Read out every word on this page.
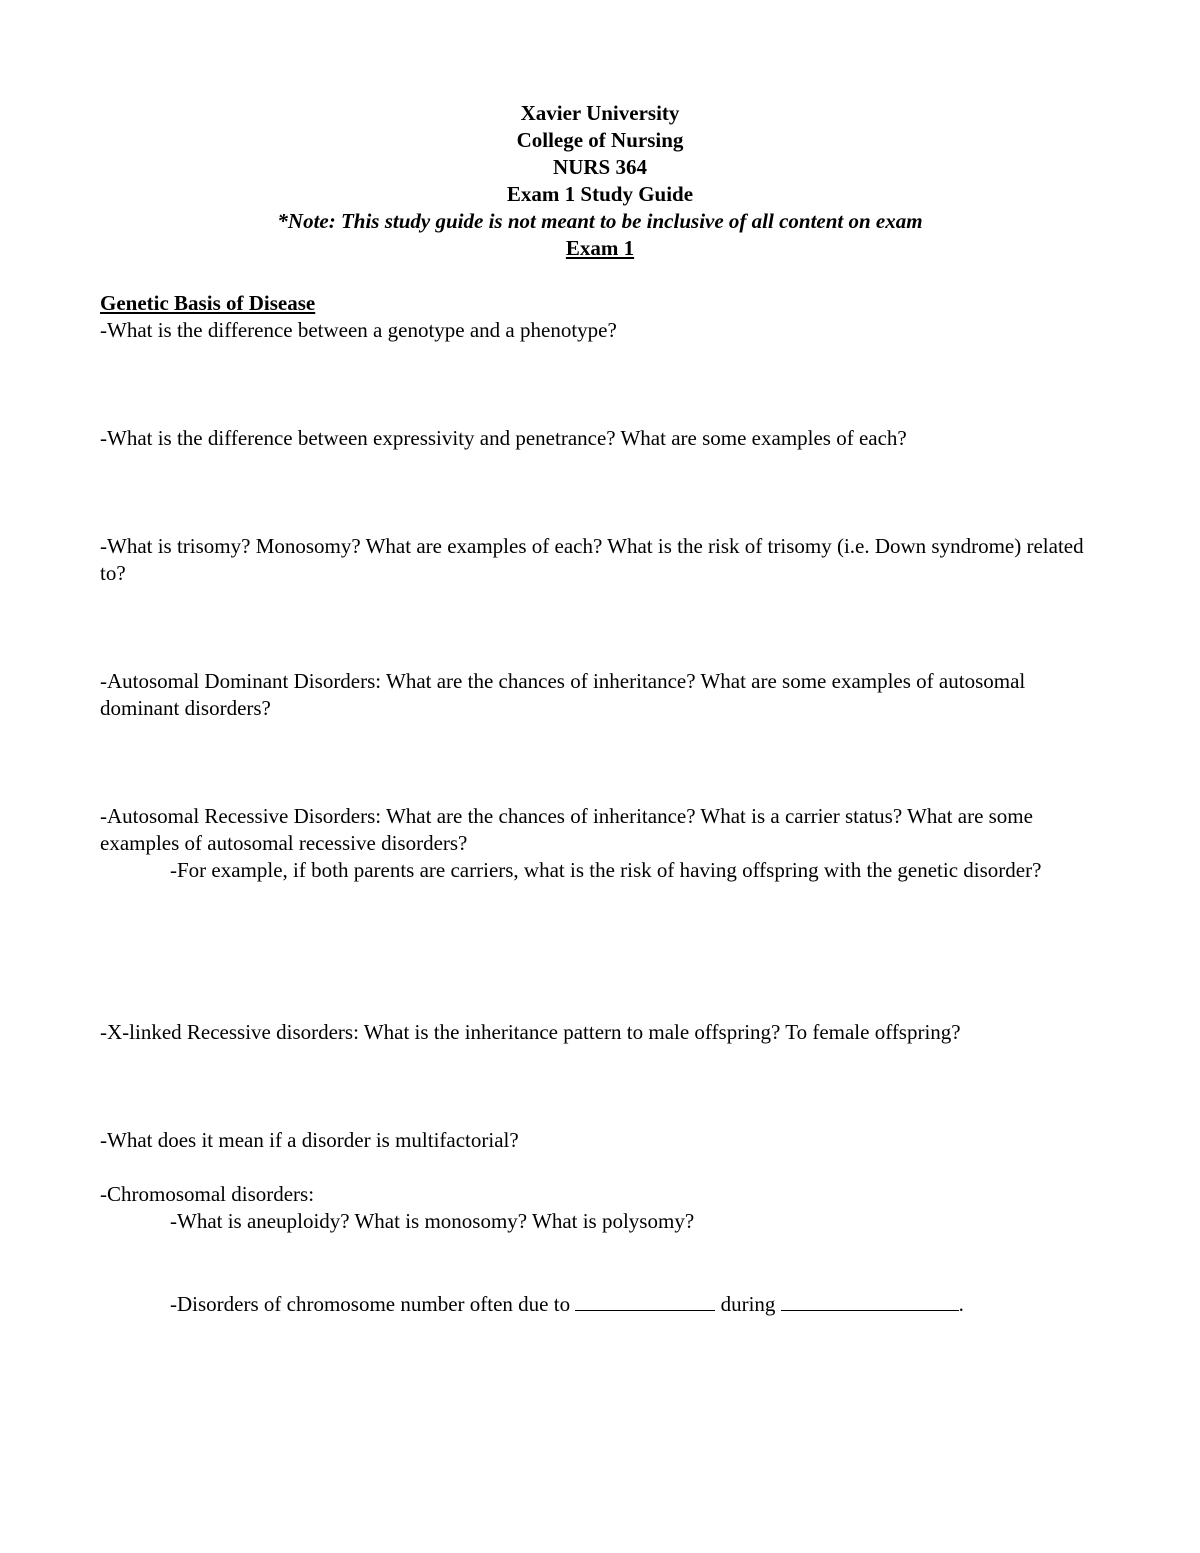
Xavier University
College of Nursing
NURS 364
Exam 1 Study Guide
*Note: This study guide is not meant to be inclusive of all content on exam
Exam 1
Genetic Basis of Disease

-What is the difference between a genotype and a phenotype?

-What is the difference between expressivity and penetrance? What are some examples of each?

-What is trisomy? Monosomy? What are examples of each? What is the risk of trisomy (i.e. Down syndrome) related to?

-Autosomal Dominant Disorders: What are the chances of inheritance? What are some examples of autosomal dominant disorders?

-Autosomal Recessive Disorders: What are the chances of inheritance? What is a carrier status? What are some examples of autosomal recessive disorders?

-For example, if both parents are carriers, what is the risk of having offspring with the genetic disorder?

-X-linked Recessive disorders: What is the inheritance pattern to male offspring? To female offspring?

-What does it mean if a disorder is multifactorial?

-Chromosomal disorders:

-What is aneuploidy? What is monosomy? What is polysomy?

-Disorders of chromosome number often due to	during	.
